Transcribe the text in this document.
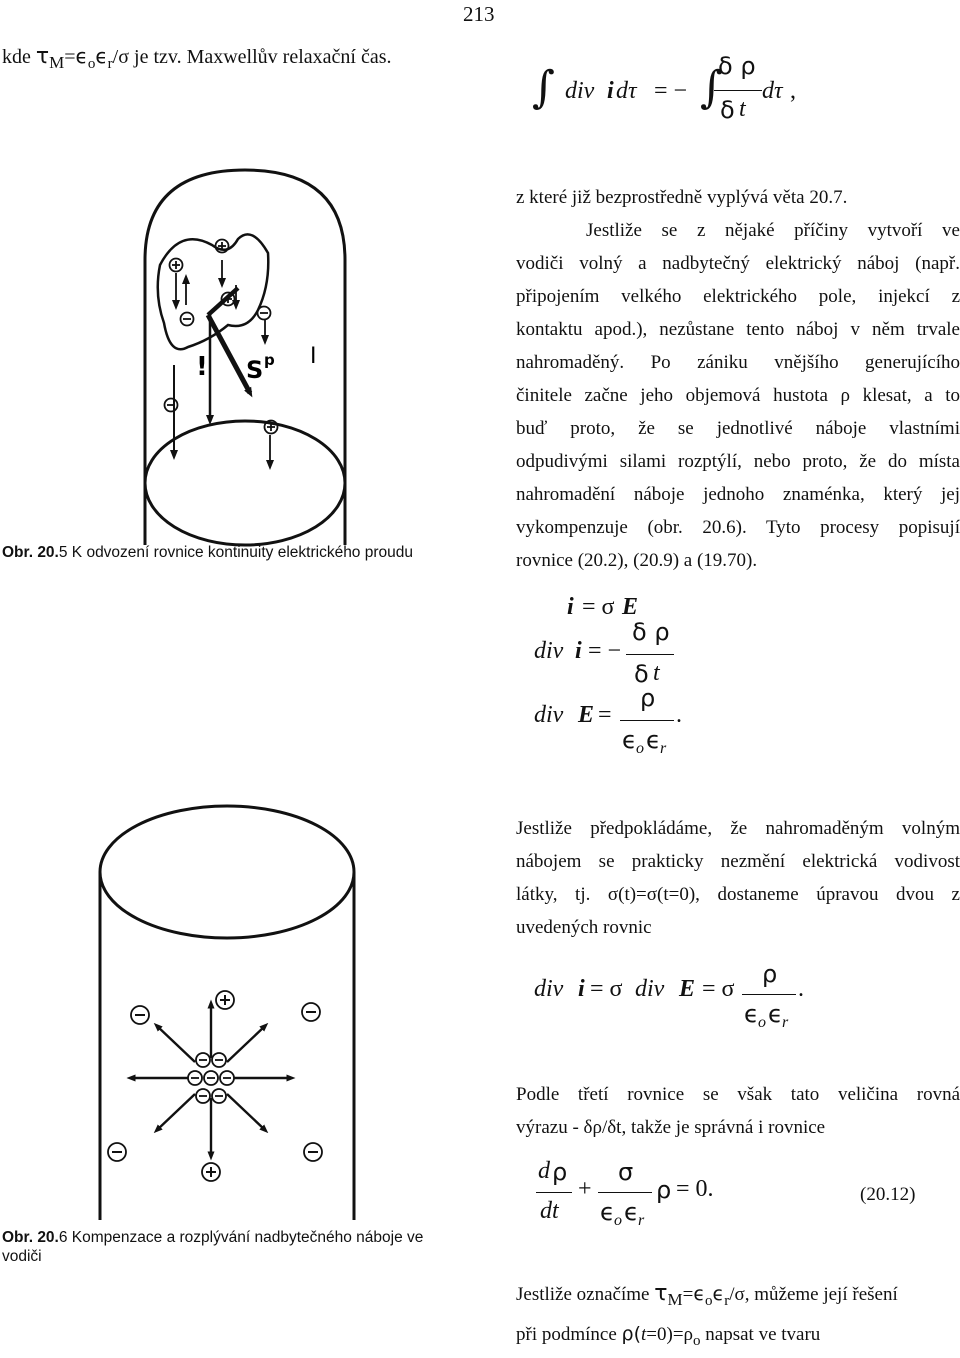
213
kde $\tau_M=\epsilon_o\epsilon_r/\sigma$ je tzv. Maxwellův relaxační čas.
∫ div i dτ = − ∫
δ ρ
δ t
dτ ,
! S p I
Obr. 20.5 K odvození rovnice kontinuity elektrického proudu
z které již bezprostředně vyplývá věta 20.7.
Jestliže se z nějaké příčiny vytvoří ve
vodiči volný a nadbytečný elektrický náboj (např.
připojením velkého elektrického pole, injekcí z
kontaktu apod.), nezůstane tento náboj v něm trvale
nahromaděný. Po zániku vnějšího generujícího
činitele začne jeho objemová hustota ρ klesat, a to
buď proto, že se jednotlivé náboje vlastními
odpudivými silami rozptýlí, nebo proto, že do místa
nahromadění náboje jednoho znaménka, který jej
vykompenzuje (obr. 20.6). Tyto procesy popisují
rovnice (20.2), (20.9) a (19.70).
i = σ E
div i = −
δ ρ
δ t
div E =
ρ
ϵ o ϵ r
.
Obr. 20.6 Kompenzace a rozplývání nadbytečného náboje ve vodiči
Jestliže předpokládáme, že nahromaděným volným
nábojem se prakticky nezmění elektrická vodivost
látky, tj. σ(t)=σ(t=0), dostaneme úpravou dvou z
uvedených rovnic
div i = σ div E = σ
ρ
ϵ o ϵ r
.
Podle třetí rovnice se však tato veličina rovná
výrazu - δρ/δt, takže je správná i rovnice
d ρ
dt
+
σ
ϵ o ϵ r
ρ = 0.	(20.12)
Jestliže označíme $\tau_M=\epsilon_o\epsilon_r/\sigma$, můžeme její řešení
při podmínce $\rho(t=0)=\rho_o$ napsat ve tvaru
